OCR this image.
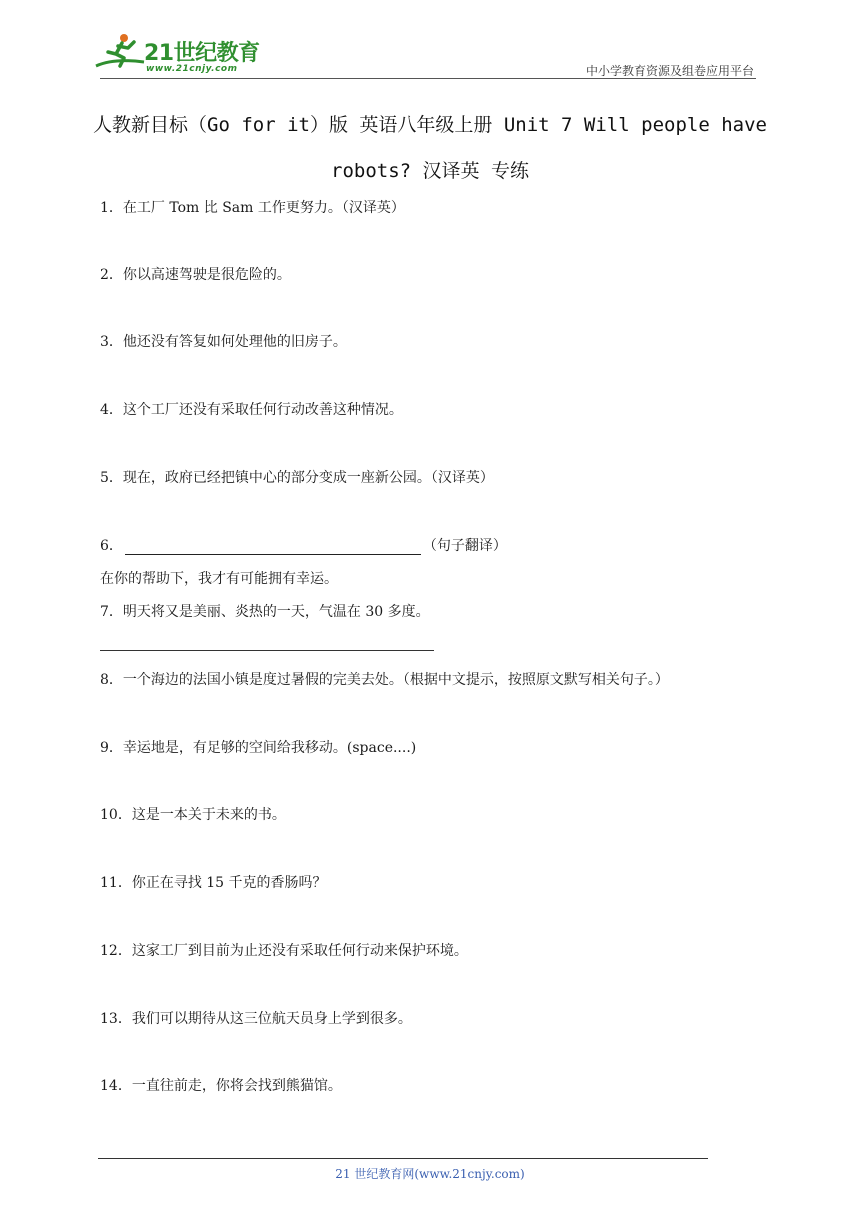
21世纪教育
www.21cnjy.com	中小学教育资源及组卷应用平台
人教新目标（Go for it）版 英语八年级上册 Unit 7 Will people have
robots? 汉译英 专练
1．在工厂 Tom 比 Sam 工作更努力。（汉译英）
2．你以高速驾驶是很危险的。
3．他还没有答复如何处理他的旧房子。
4．这个工厂还没有采取任何行动改善这种情况。
5．现在，政府已经把镇中心的部分变成一座新公园。（汉译英）
6．	（句子翻译）
在你的帮助下，我才有可能拥有幸运。
7．明天将又是美丽、炎热的一天，气温在 30 多度。
8．一个海边的法国小镇是度过暑假的完美去处。（根据中文提示，按照原文默写相关句子。）
9．幸运地是，有足够的空间给我移动。(space....)
10．这是一本关于未来的书。
11．你正在寻找 15 千克的香肠吗？
12．这家工厂到目前为止还没有采取任何行动来保护环境。
13．我们可以期待从这三位航天员身上学到很多。
14．一直往前走，你将会找到熊猫馆。
21 世纪教育网(www.21cnjy.com)
